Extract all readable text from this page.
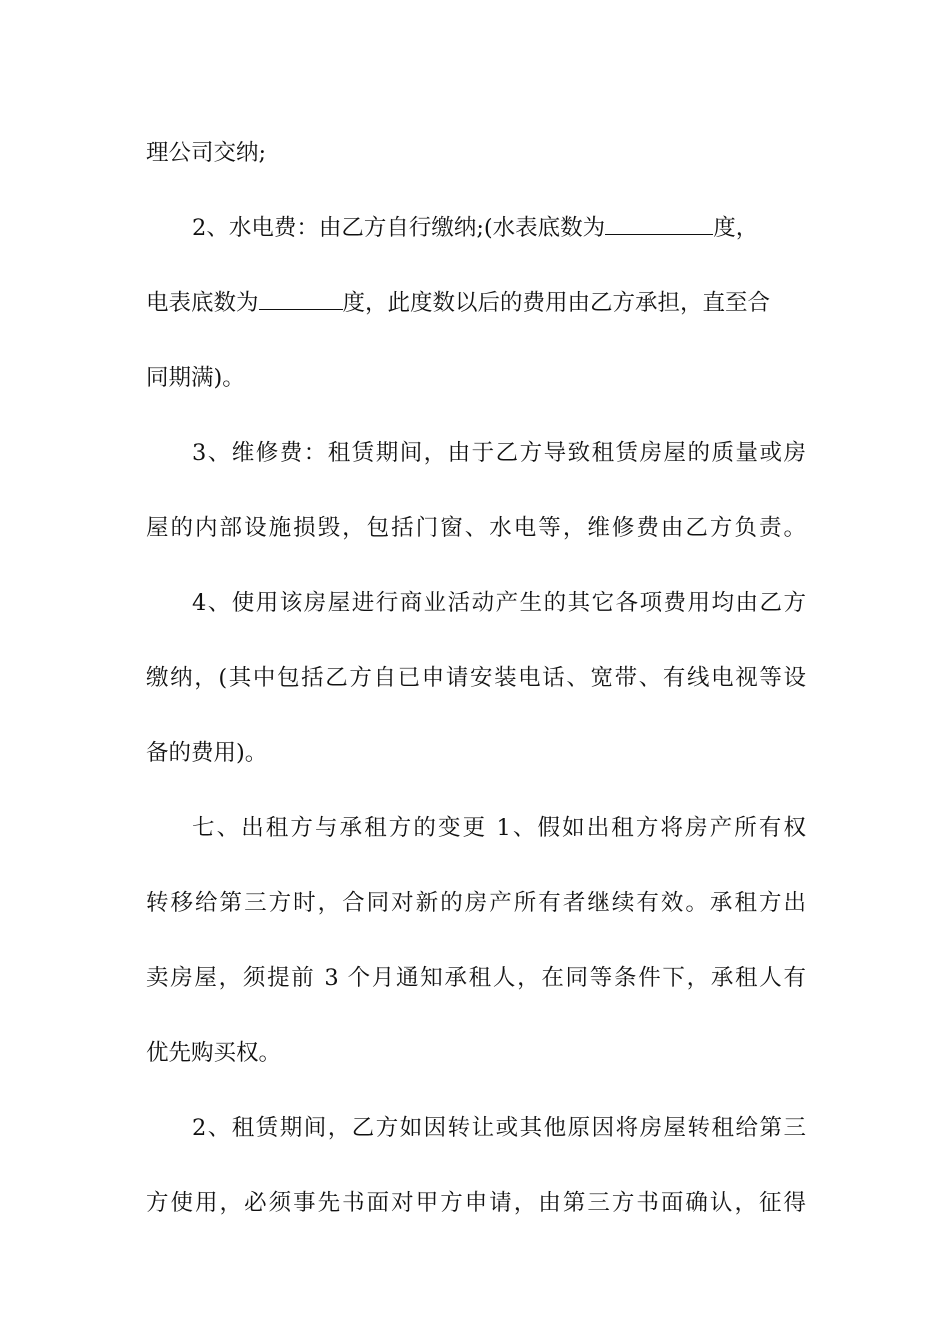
理公司交纳;
2、水电费：由乙方自行缴纳;(水表底数为	度，
电表底数为	度，此度数以后的费用由乙方承担，直至合
同期满)。
3、维修费：租赁期间，由于乙方导致租赁房屋的质量或房
屋的内部设施损毁，包括门窗、水电等，维修费由乙方负责。
4、使用该房屋进行商业活动产生的其它各项费用均由乙方
缴纳，(其中包括乙方自已申请安装电话、宽带、有线电视等设
备的费用)。
七、出租方与承租方的变更 1、假如出租方将房产所有权
转移给第三方时，合同对新的房产所有者继续有效。承租方出
卖房屋，须提前 3 个月通知承租人，在同等条件下，承租人有
优先购买权。
2、租赁期间，乙方如因转让或其他原因将房屋转租给第三
方使用，必须事先书面对甲方申请，由第三方书面确认，征得
